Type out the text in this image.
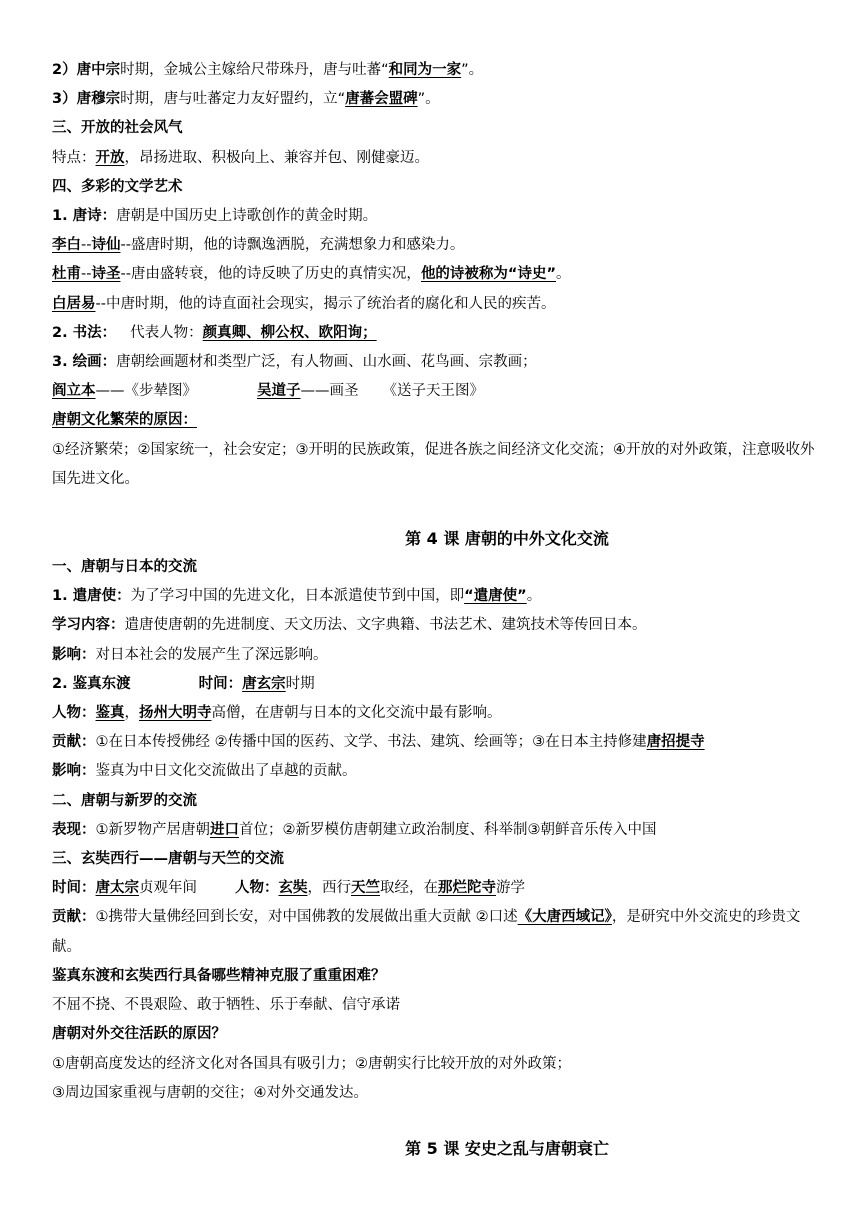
2）唐中宗时期，金城公主嫁给尺带珠丹，唐与吐蕃“和同为一家”。
3）唐穆宗时期，唐与吐蕃定力友好盟约，立“唐蕃会盟碑”。
三、开放的社会风气
特点：开放，昂扬进取、积极向上、兼容并包、刚健豪迈。
四、多彩的文学艺术
1. 唐诗：唐朝是中国历史上诗歌创作的黄金时期。
李白--诗仙--盛唐时期，他的诗飘逸洒脱，充满想象力和感染力。
杜甫--诗圣--唐由盛转衰，他的诗反映了历史的真情实况，他的诗被称为“诗史”。
白居易--中唐时期，他的诗直面社会现实，揭示了统治者的腐化和人民的疾苦。
2. 书法： 代表人物：颜真卿、柳公权、欧阳询；
3. 绘画：唐朝绘画题材和类型广泛，有人物画、山水画、花鸟画、宗教画；
阎立本——《步辇图》	吴道子——画圣 《送子天王图》
唐朝文化繁荣的原因：
①经济繁荣；②国家统一，社会安定；③开明的民族政策，促进各族之间经济文化交流；④开放的对外政策，注意吸收外国先进文化。
第 4 课 唐朝的中外文化交流
一、唐朝与日本的交流
1. 遣唐使：为了学习中国的先进文化，日本派遣使节到中国，即“遣唐使”。
学习内容：遣唐使唐朝的先进制度、天文历法、文字典籍、书法艺术、建筑技术等传回日本。
影响：对日本社会的发展产生了深远影响。
2. 鉴真东渡	时间：唐玄宗时期
人物：鉴真，扬州大明寺高僧，在唐朝与日本的文化交流中最有影响。
贡献：①在日本传授佛经 ②传播中国的医药、文学、书法、建筑、绘画等；③在日本主持修建唐招提寺
影响：鉴真为中日文化交流做出了卓越的贡献。
二、唐朝与新罗的交流
表现：①新罗物产居唐朝进口首位；②新罗模仿唐朝建立政治制度、科举制③朝鲜音乐传入中国
三、玄奘西行——唐朝与天竺的交流
时间：唐太宗贞观年间	人物：玄奘，西行天竺取经，在那烂陀寺游学
贡献：①携带大量佛经回到长安，对中国佛教的发展做出重大贡献 ②口述《大唐西域记》，是研究中外交流史的珍贵文献。
鉴真东渡和玄奘西行具备哪些精神克服了重重困难？
不屈不挠、不畏艰险、敢于牺牲、乐于奉献、信守承诺
唐朝对外交往活跃的原因？
①唐朝高度发达的经济文化对各国具有吸引力；②唐朝实行比较开放的对外政策；
③周边国家重视与唐朝的交往；④对外交通发达。
第 5 课 安史之乱与唐朝衰亡
